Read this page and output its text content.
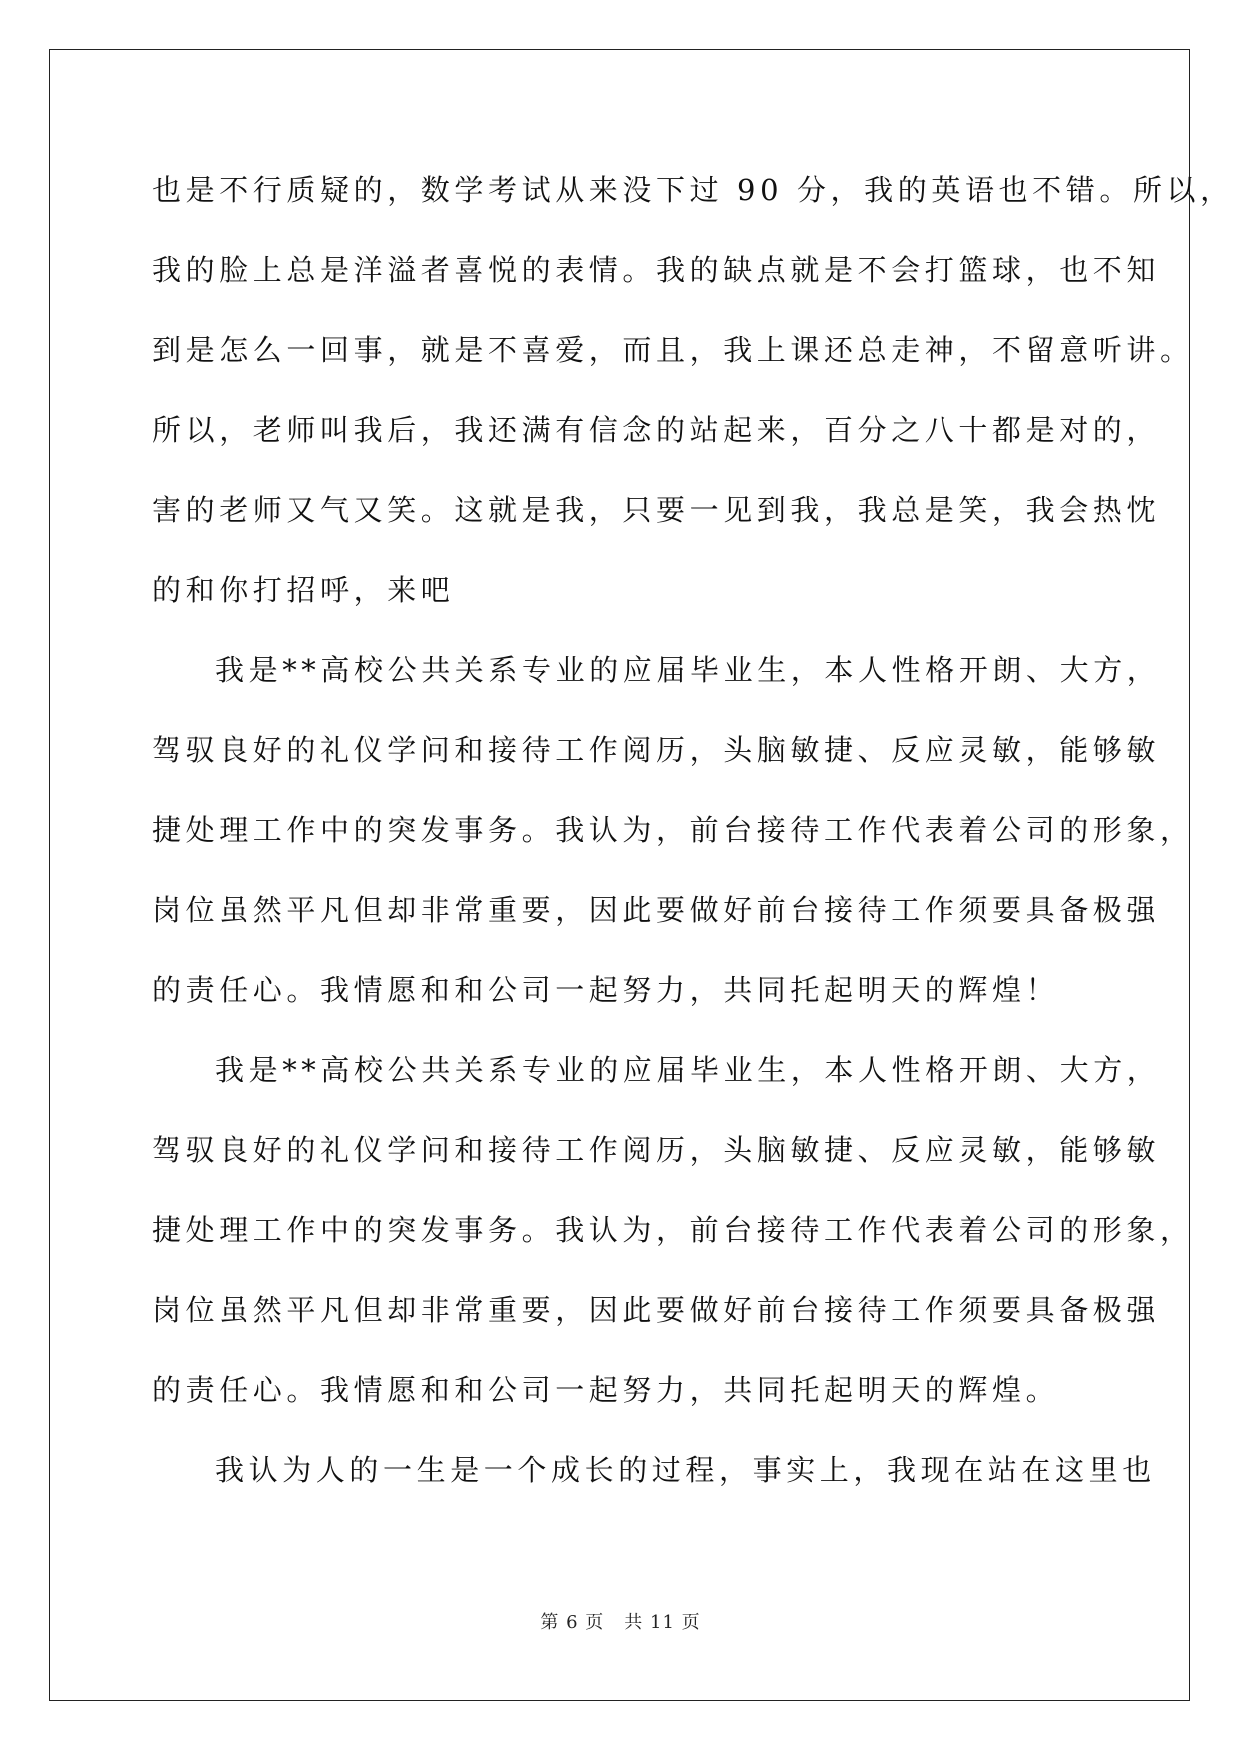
也是不行质疑的，数学考试从来没下过 90 分，我的英语也不错。所以，
我的脸上总是洋溢者喜悦的表情。我的缺点就是不会打篮球，也不知
到是怎么一回事，就是不喜爱，而且，我上课还总走神，不留意听讲。
所以，老师叫我后，我还满有信念的站起来，百分之八十都是对的，
害的老师又气又笑。这就是我，只要一见到我，我总是笑，我会热忱
的和你打招呼，来吧
我是**高校公共关系专业的应届毕业生，本人性格开朗、大方，
驾驭良好的礼仪学问和接待工作阅历，头脑敏捷、反应灵敏，能够敏
捷处理工作中的突发事务。我认为，前台接待工作代表着公司的形象，
岗位虽然平凡但却非常重要，因此要做好前台接待工作须要具备极强
的责任心。我情愿和和公司一起努力，共同托起明天的辉煌！
我是**高校公共关系专业的应届毕业生，本人性格开朗、大方，
驾驭良好的礼仪学问和接待工作阅历，头脑敏捷、反应灵敏，能够敏
捷处理工作中的突发事务。我认为，前台接待工作代表着公司的形象，
岗位虽然平凡但却非常重要，因此要做好前台接待工作须要具备极强
的责任心。我情愿和和公司一起努力，共同托起明天的辉煌。
我认为人的一生是一个成长的过程，事实上，我现在站在这里也
第 6 页 共 11 页
